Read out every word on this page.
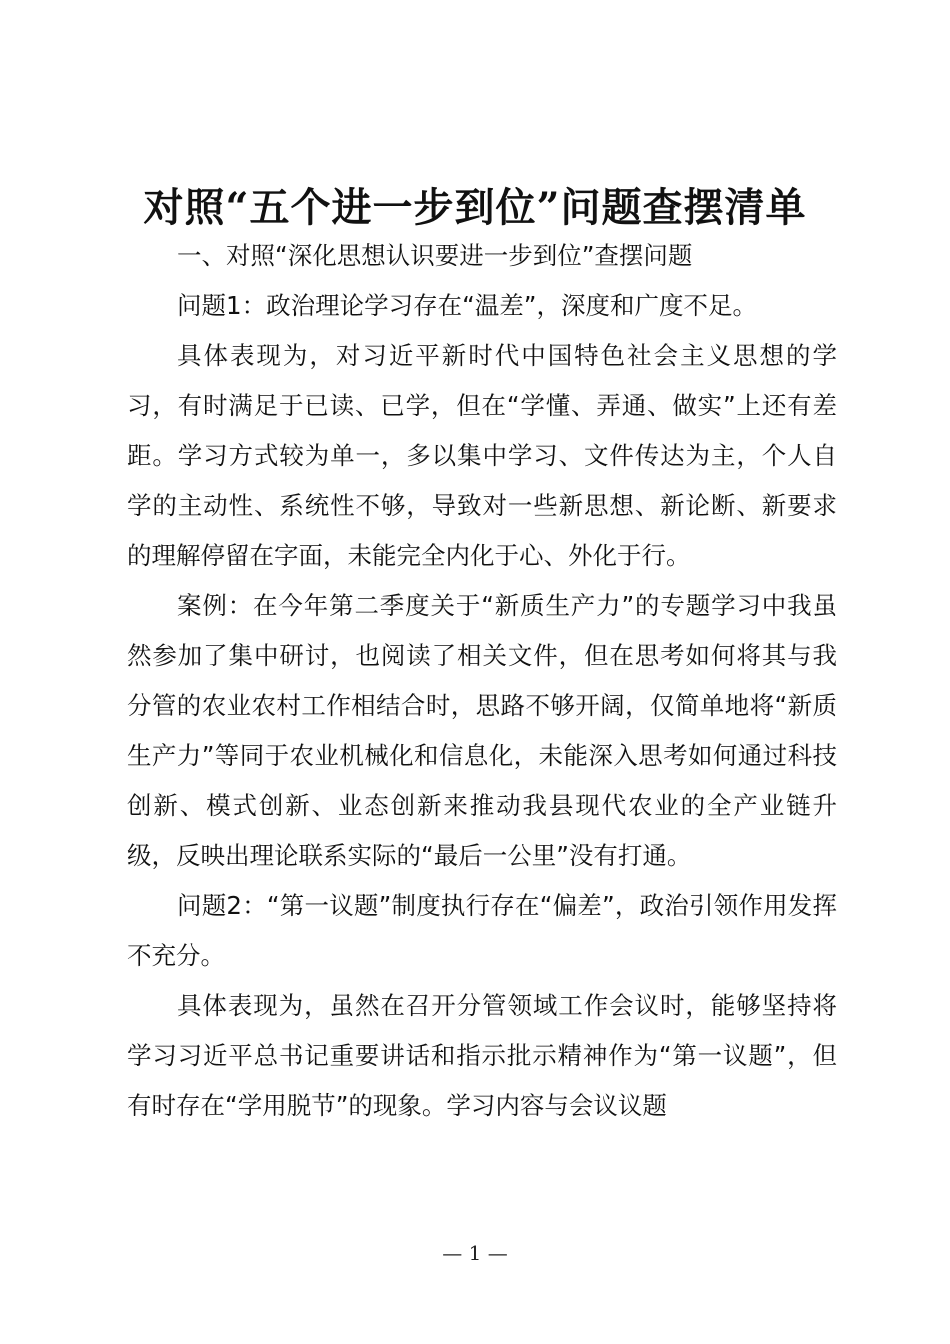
对照“五个进一步到位”问题查摆清单

一、对照“深化思想认识要进一步到位”查摆问题

问题1：政治理论学习存在“温差”，深度和广度不足。

具体表现为，对习近平新时代中国特色社会主义思想的学习，有时满足于已读、已学，但在“学懂、弄通、做实”上还有差距。学习方式较为单一，多以集中学习、文件传达为主，个人自学的主动性、系统性不够，导致对一些新思想、新论断、新要求的理解停留在字面，未能完全内化于心、外化于行。

案例：在今年第二季度关于“新质生产力”的专题学习中我虽然参加了集中研讨，也阅读了相关文件，但在思考如何将其与我分管的农业农村工作相结合时，思路不够开阔，仅简单地将“新质生产力”等同于农业机械化和信息化，未能深入思考如何通过科技创新、模式创新、业态创新来推动我县现代农业的全产业链升级，反映出理论联系实际的“最后一公里”没有打通。

问题2：“第一议题”制度执行存在“偏差”，政治引领作用发挥不充分。

具体表现为，虽然在召开分管领域工作会议时，能够坚持将学习习近平总书记重要讲话和指示批示精神作为“第一议题”，但有时存在“学用脱节”的现象。学习内容与会议议题

— 1 —
